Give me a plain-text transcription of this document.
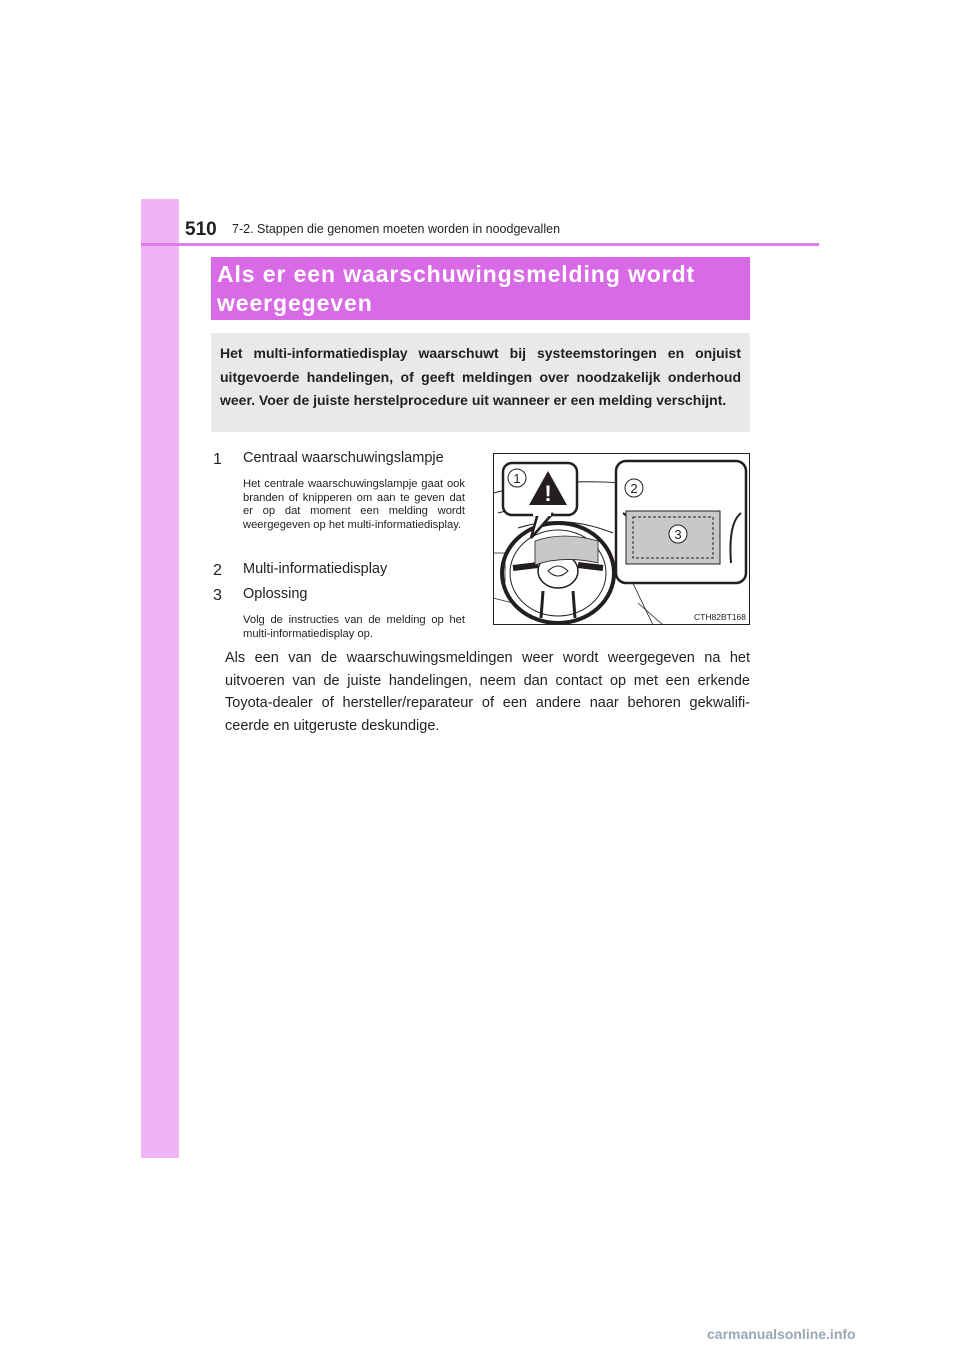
510 7-2. Stappen die genomen moeten worden in noodgevallen
Als er een waarschuwingsmelding wordt
weergegeven
Het multi-informatiedisplay waarschuwt bij systeemstoringen en onjuist uitgevoerde handelingen, of geeft meldingen over noodzakelijk onderhoud weer. Voer de juiste herstelprocedure uit wanneer er een melding verschijnt.
1	Centraal waarschuwingslampje
Het centrale waarschuwingslampje gaat ook branden of knipperen om aan te geven dat er op dat moment een melding wordt weergegeven op het multi-informatiedisplay.
2	Multi-informatiedisplay
3	Oplossing
Volg de instructies van de melding op het multi-informatiedisplay op.
Als een van de waarschuwingsmeldingen weer wordt weergegeven na het uitvoeren van de juiste handelingen, neem dan contact op met een erkende Toyota-dealer of hersteller/reparateur of een andere naar behoren gekwalifi-ceerde en uitgeruste deskundige.
!
1
2
3
CTH82BT168
carmanualsonline.info
